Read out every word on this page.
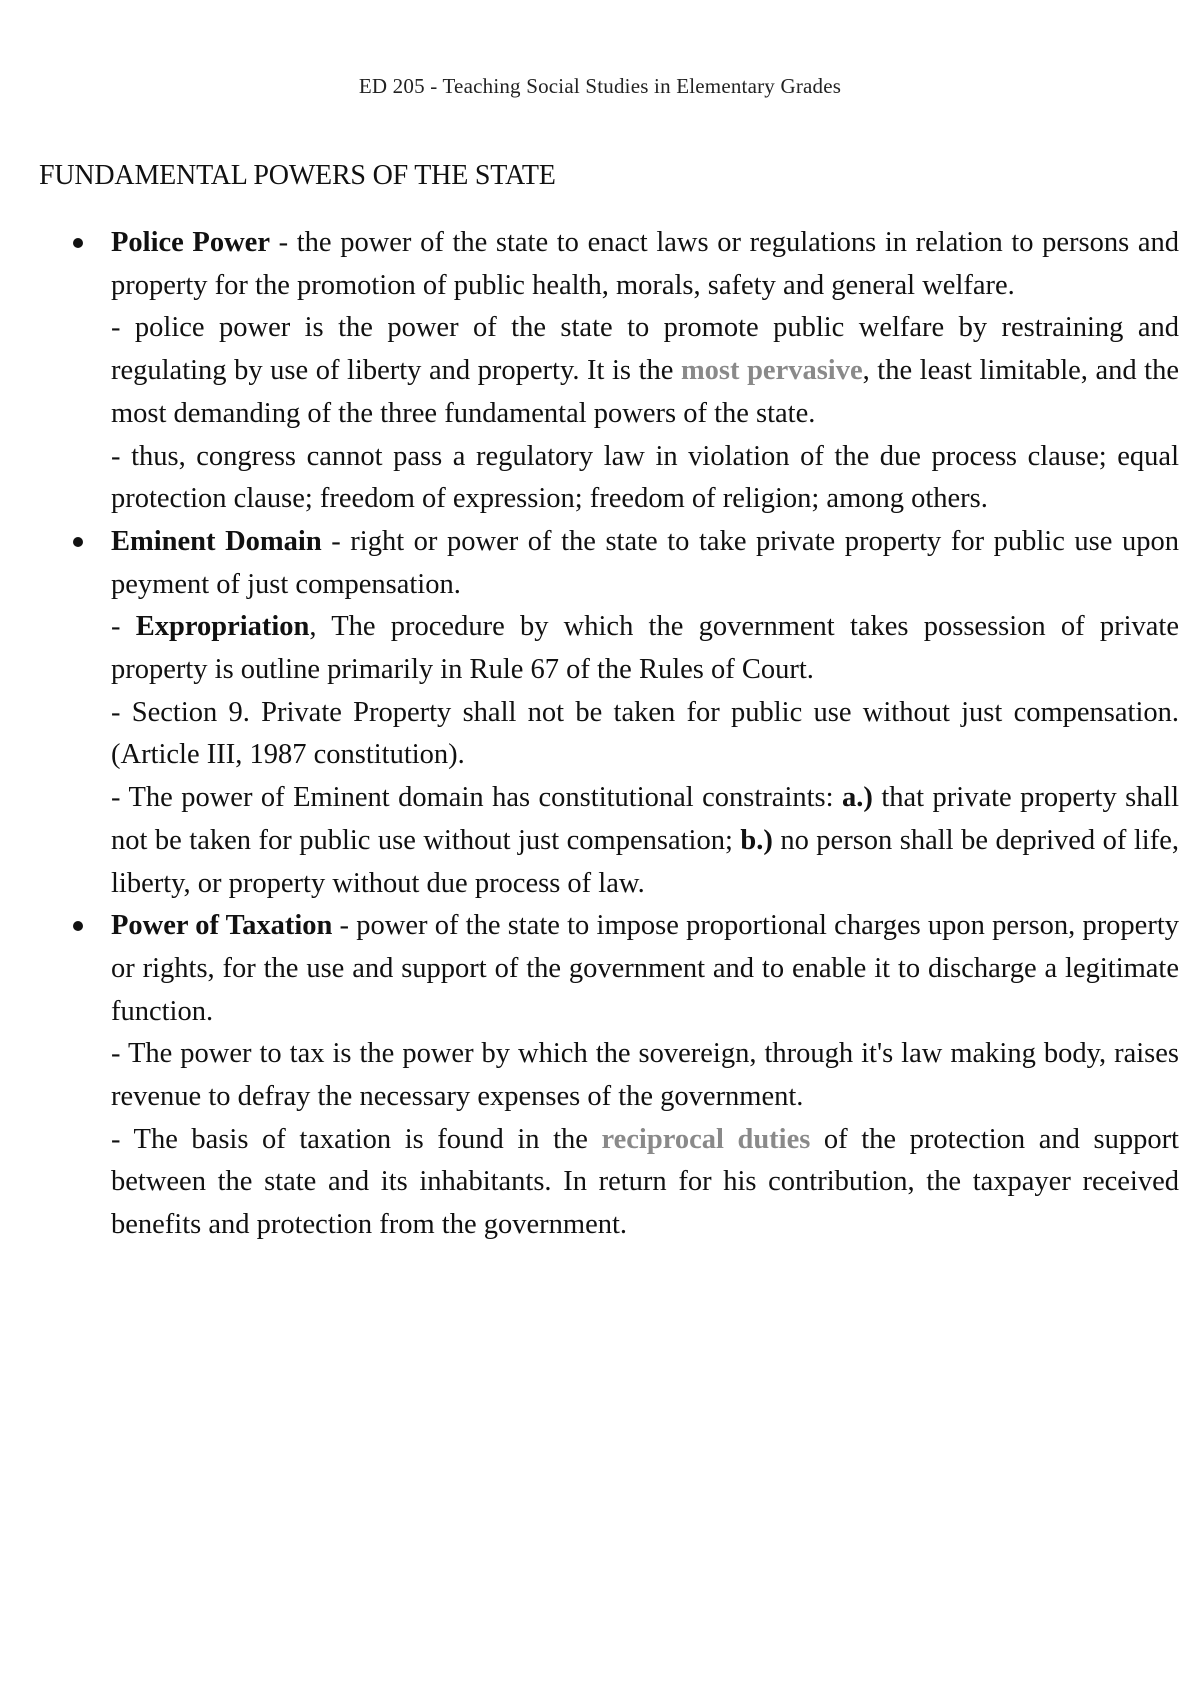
ED 205 - Teaching Social Studies in Elementary Grades
FUNDAMENTAL POWERS OF THE STATE

Police Power - the power of the state to enact laws or regulations in relation to persons and property for the promotion of public health, morals, safety and general welfare.

- police power is the power of the state to promote public welfare by restraining and regulating by use of liberty and property. It is the most pervasive, the least limitable, and the most demanding of the three fundamental powers of the state.

- thus, congress cannot pass a regulatory law in violation of the due process clause; equal protection clause; freedom of expression; freedom of religion; among others.

Eminent Domain - right or power of the state to take private property for public use upon peyment of just compensation.

- Expropriation, The procedure by which the government takes possession of private property is outline primarily in Rule 67 of the Rules of Court.

- Section 9. Private Property shall not be taken for public use without just compensation. (Article III, 1987 constitution).

- The power of Eminent domain has constitutional constraints: a.) that private property shall not be taken for public use without just compensation; b.) no person shall be deprived of life, liberty, or property without due process of law.

Power of Taxation - power of the state to impose proportional charges upon person, property or rights, for the use and support of the government and to enable it to discharge a legitimate function.

- The power to tax is the power by which the sovereign, through it's law making body, raises revenue to defray the necessary expenses of the government.

- The basis of taxation is found in the reciprocal duties of the protection and support between the state and its inhabitants. In return for his contribution, the taxpayer received benefits and protection from the government.
